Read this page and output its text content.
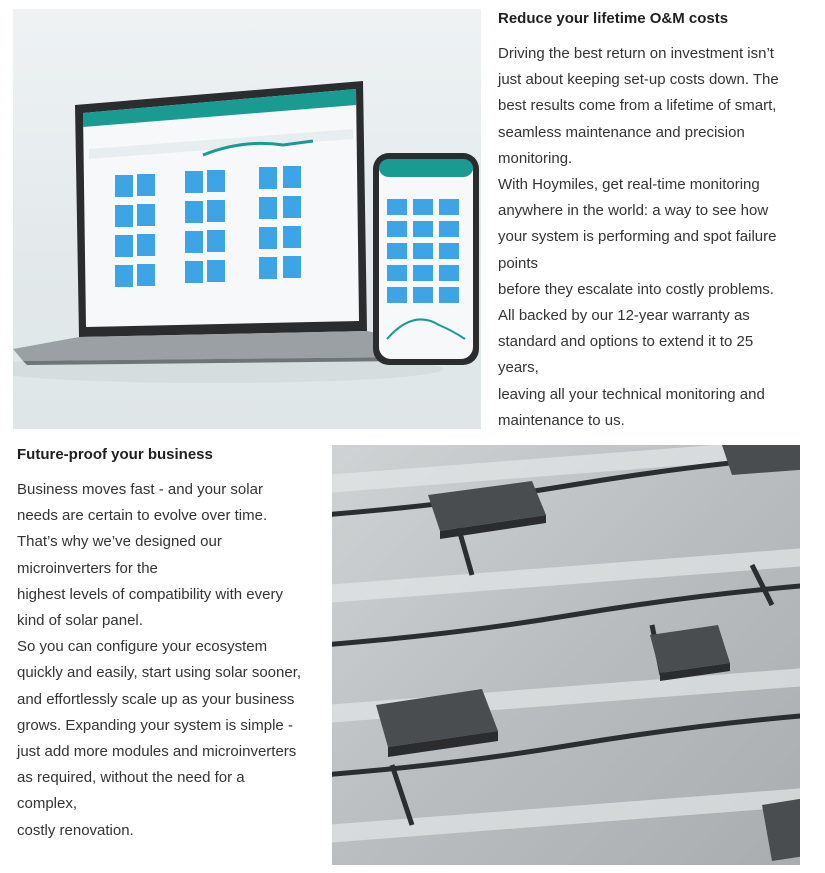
Reduce your lifetime O&M costs
Driving the best return on investment isn’t
just about keeping set-up costs down. The
best results come from a lifetime of smart,
seamless maintenance and precision
monitoring.
With Hoymiles, get real-time monitoring
anywhere in the world: a way to see how
your system is performing and spot failure
points
before they escalate into costly problems.
All backed by our 12-year warranty as
standard and options to extend it to 25
years,
leaving all your technical monitoring and
maintenance to us.
Future-proof your business
Business moves fast - and your solar
needs are certain to evolve over time.
That’s why we’ve designed our
microinverters for the
highest levels of compatibility with every
kind of solar panel.
So you can configure your ecosystem
quickly and easily, start using solar sooner,
and effortlessly scale up as your business
grows. Expanding your system is simple -
just add more modules and microinverters
as required, without the need for a
complex,
costly renovation.
